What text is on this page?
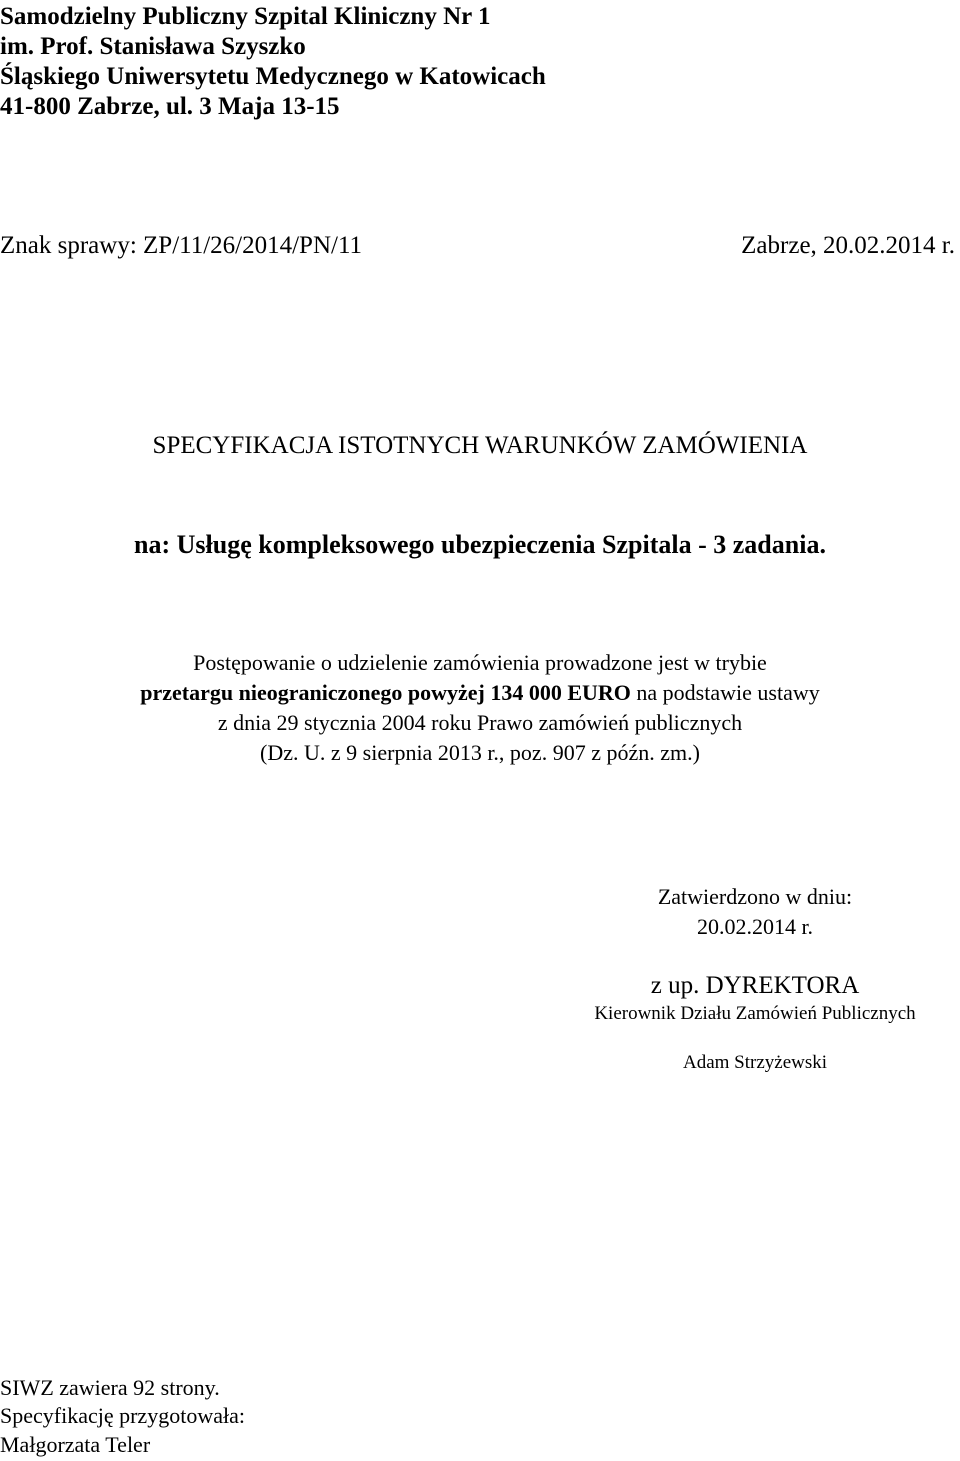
Samodzielny Publiczny Szpital Kliniczny Nr 1
im. Prof. Stanisława Szyszko
Śląskiego Uniwersytetu Medycznego w Katowicach
41-800 Zabrze, ul. 3 Maja 13-15
Znak sprawy: ZP/11/26/2014/PN/11	Zabrze, 20.02.2014 r.
SPECYFIKACJA ISTOTNYCH WARUNKÓW ZAMÓWIENIA
na: Usługę kompleksowego ubezpieczenia Szpitala - 3 zadania.
Postępowanie o udzielenie zamówienia prowadzone jest w trybie
przetargu nieograniczonego powyżej 134 000 EURO na podstawie ustawy
z dnia 29 stycznia 2004 roku Prawo zamówień publicznych
(Dz. U. z 9 sierpnia 2013 r., poz. 907 z późn. zm.)
Zatwierdzono w dniu:
20.02.2014 r.
z up. DYREKTORA
Kierownik Działu Zamówień Publicznych
Adam Strzyżewski
SIWZ zawiera 92 strony.
Specyfikację przygotowała:
Małgorzata Teler
